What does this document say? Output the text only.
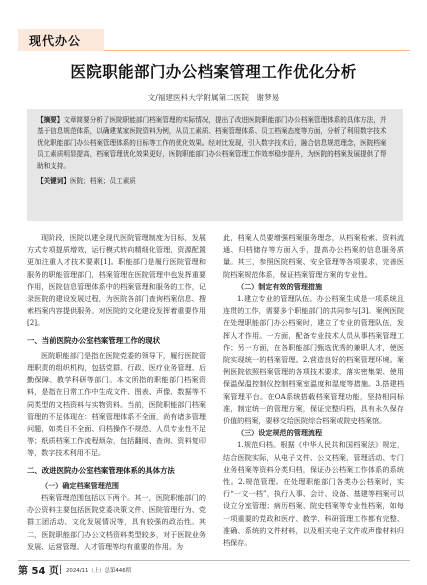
现代办公
医院职能部门办公档案管理工作优化分析
文/福建医科大学附属第二医院　谢梦易
【摘要】文章简要分析了医院职能部门档案管理的实际情况，提出了改进医院职能部门办公档案管理体系的具体方法，并基于信息规范体系，以确建某家医院资料为例，从员工素质、档案管理体系、员工档案态度等方面，分析了利用数字技术优化职能部门办公档案管理体系的目标等工作的优化效果。经对比发现，引入数字技术后，融合信息规范理念，医院档案员工素质明显提高，档案管理优化效果更好，医院职能部门办公档案管理工作效率稳步提升，为医院的档案发展提供了帮助和支持。
【关键词】医院；档案；员工素质

现阶段，医院以建全现代医院管理制度为目标，发展方式专项提质增效，运行模式转向精细化管理，资源配置更加注重人才技术要素[1]。职能部门是履行医院管理和服务的职能管理部门，档案管理在医院管理中也发挥重要作用，医院信息管理体系中的档案管理和服务的工作，记录医院的建设发展过程，为医院各部门查询档案信息、搜索档案内容提供服务。对医院的文化建设发挥着重要作用[2]。

一、当前医院办公室档案管理工作的现状

医院职能部门是指在医院党委的领导下，履行医院管理职责的组织机构，包括党群、行政、医疗业务管理、后勤保障、教学科研等部门。本文所指的职能部门档案资料，是指在日常工作中生成文件、图表、声像、数据等不同类型的文档资料与实物资料。当前，医院职能部门档案管理的不足体现在：档案管理体系不全面，尚有诸多管理问题，如类目不全面、归档操作不规范、人员专业性不足等；纸质档案工作流程烦杂，包括翻阅、查询、资料复印等，数字技术利用不足。

二、改进医院办公室档案管理体系的具体方法

（一）确定档案管理范围

档案管理范围包括以下两个。其一，医院职能部门的办公资料主要包括医院党委决策文件、医院管理行为、党群工团活动、文化发展情况等，具有较强的政治性。其二，医院职能部门办公文档资料类型较多，对于医院业务发展、运营管理、人才管理等均有重要的作用。为

此，档案人员要增强档案服务理念，从档案检索、资料流通、归档储存等方面入手，提高办公档案的信息服务质量。其三，参照医院档案、安全管理等各项要求，完善医院档案规范体系，保证档案管理方案的专业性。

（二）制定有效的管理措施

1.建立专业的管理队伍。办公档案生成是一项系统且连贯的工作，需要多个职能部门的共同参与[3]。案例医院在处理职能部门办公档案时，建立了专业的管理队伍，发挥人才作用。一方面，配备专业技术人员从事档案管理工作；另一方面，在各职能部门甄选优秀的兼职人才，使医院实现统一的档案管理。2.营造良好的档案管理环境。案例医院依照档案管理的各项技术要求，落实密集架、使用保温保温控制仪控制档案室温度和湿度等措施。3.搭建档案管理平台。在OA系统搭载档案管理功能，坚持相同标准，制定统一的管理方案，保证完整归档，具有永久保存价值的档案，要移交给医院综合档案或院史档案馆。

（三）设定规范的管理流程

1.规范归档。根据《中华人民共和国档案法》规定，结合医院实际，从电子文件、公文档案、管理活动、专门业务档案等资料分类归档，保证办公档案工作体系的系统性。2.规范管理。在处理职能部门各类办公档案时，实行“一文一档”，执行人事、会计、设备、基建等档案可以设立分室管理；病历档案、院史档案等专业性档案，如每一项重要的党政和医疗、教学、科研管理工作都有完整、准确、系统的文件材料，以及相关电子文件或声像材料归档保存。

第 54 页 2024/11（上）总第446期
